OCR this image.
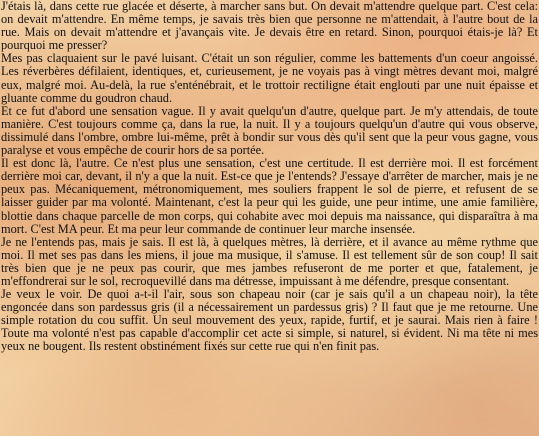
J'étais là, dans cette rue glacée et déserte, à marcher sans but. On devait m'attendre quelque part. C'est cela: on devait m'attendre. En même temps, je savais très bien que personne ne m'attendait, à l'autre bout de la rue. Mais on devait m'attendre et j'avançais vite. Je devais être en retard. Sinon, pourquoi étais-je là? Et pourquoi me presser?

Mes pas claquaient sur le pavé luisant. C'était un son régulier, comme les battements d'un coeur angoissé. Les réverbères défilaient, identiques, et, curieusement, je ne voyais pas à vingt mètres devant moi, malgré eux, malgré moi. Au-delà, la rue s'enténébrait, et le trottoir rectiligne était englouti par une nuit épaisse et gluante comme du goudron chaud.

Et ce fut d'abord une sensation vague. Il y avait quelqu'un d'autre, quelque part. Je m'y attendais, de toute manière. C'est toujours comme ça, dans la rue, la nuit. Il y a toujours quelqu'un d'autre qui vous observe, dissimulé dans l'ombre, ombre lui-même, prêt à bondir sur vous dès qu'il sent que la peur vous gagne, vous paralyse et vous empêche de courir hors de sa portée.

Il est donc là, l'autre. Ce n'est plus une sensation, c'est une certitude. Il est derrière moi. Il est forcément derrière moi car, devant, il n'y a que la nuit. Est-ce que je l'entends? J'essaye d'arrêter de marcher, mais je ne peux pas. Mécaniquement, métronomiquement, mes souliers frappent le sol de pierre, et refusent de se laisser guider par ma volonté. Maintenant, c'est la peur qui les guide, une peur intime, une amie familière, blottie dans chaque parcelle de mon corps, qui cohabite avec moi depuis ma naissance, qui disparaîtra à ma mort. C'est MA peur. Et ma peur leur commande de continuer leur marche insensée.

Je ne l'entends pas, mais je sais. Il est là, à quelques mètres, là derrière, et il avance au même rythme que moi. Il met ses pas dans les miens, il joue ma musique, il s'amuse. Il est tellement sûr de son coup! Il sait très bien que je ne peux pas courir, que mes jambes refuseront de me porter et que, fatalement, je m'effondrerai sur le sol, recroquevillé dans ma détresse, impuissant à me défendre, presque consentant.

Je veux le voir. De quoi a-t-il l'air, sous son chapeau noir (car je sais qu'il a un chapeau noir), la tête engoncée dans son pardessus gris (il a nécessairement un pardessus gris) ? Il faut que je me retourne. Une simple rotation du cou suffit. Un seul mouvement des yeux, rapide, furtif, et je saurai. Mais rien à faire ! Toute ma volonté n'est pas capable d'accomplir cet acte si simple, si naturel, si évident. Ni ma tête ni mes yeux ne bougent. Ils restent obstinément fixés sur cette rue qui n'en finit pas.
